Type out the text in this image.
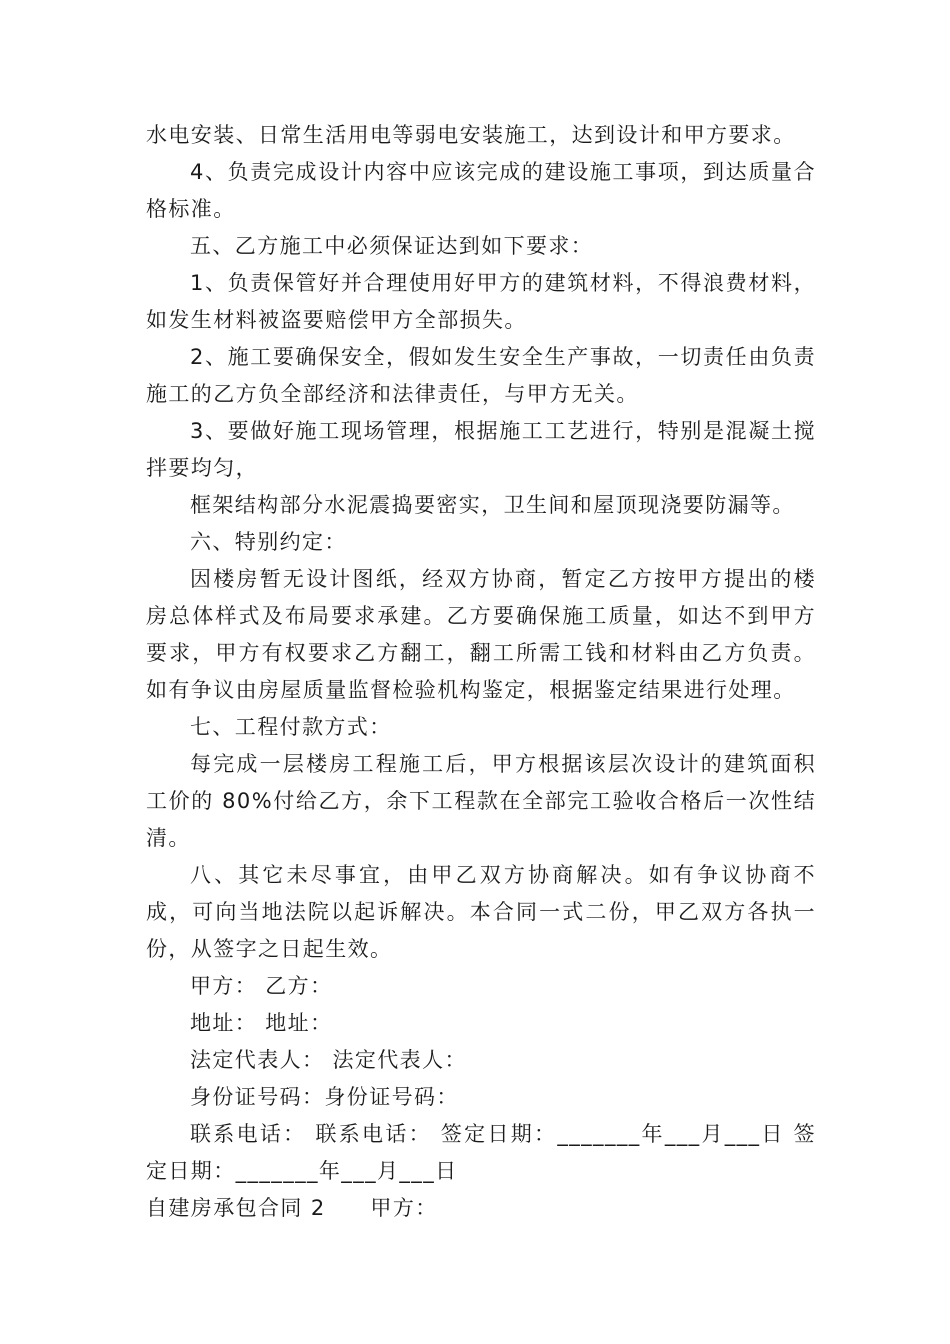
水电安装、日常生活用电等弱电安装施工，达到设计和甲方要求。

4、负责完成设计内容中应该完成的建设施工事项，到达质量合格标准。

五、乙方施工中必须保证达到如下要求：

1、负责保管好并合理使用好甲方的建筑材料，不得浪费材料，如发生材料被盗要赔偿甲方全部损失。

2、施工要确保安全，假如发生安全生产事故，一切责任由负责施工的乙方负全部经济和法律责任，与甲方无关。

3、要做好施工现场管理，根据施工工艺进行，特别是混凝土搅拌要均匀，

框架结构部分水泥震捣要密实，卫生间和屋顶现浇要防漏等。

六、特别约定：

因楼房暂无设计图纸，经双方协商，暂定乙方按甲方提出的楼房总体样式及布局要求承建。乙方要确保施工质量，如达不到甲方要求，甲方有权要求乙方翻工，翻工所需工钱和材料由乙方负责。如有争议由房屋质量监督检验机构鉴定，根据鉴定结果进行处理。

七、工程付款方式：

每完成一层楼房工程施工后，甲方根据该层次设计的建筑面积工价的 80%付给乙方，余下工程款在全部完工验收合格后一次性结清。

八、其它未尽事宜，由甲乙双方协商解决。如有争议协商不成，可向当地法院以起诉解决。本合同一式二份，甲乙双方各执一份，从签字之日起生效。

甲方： 乙方：

地址： 地址：

法定代表人： 法定代表人：

身份证号码：身份证号码：

联系电话： 联系电话： 签定日期：_______年___月___日 签定日期：_______年___月___日

自建房承包合同 2　　甲方：
